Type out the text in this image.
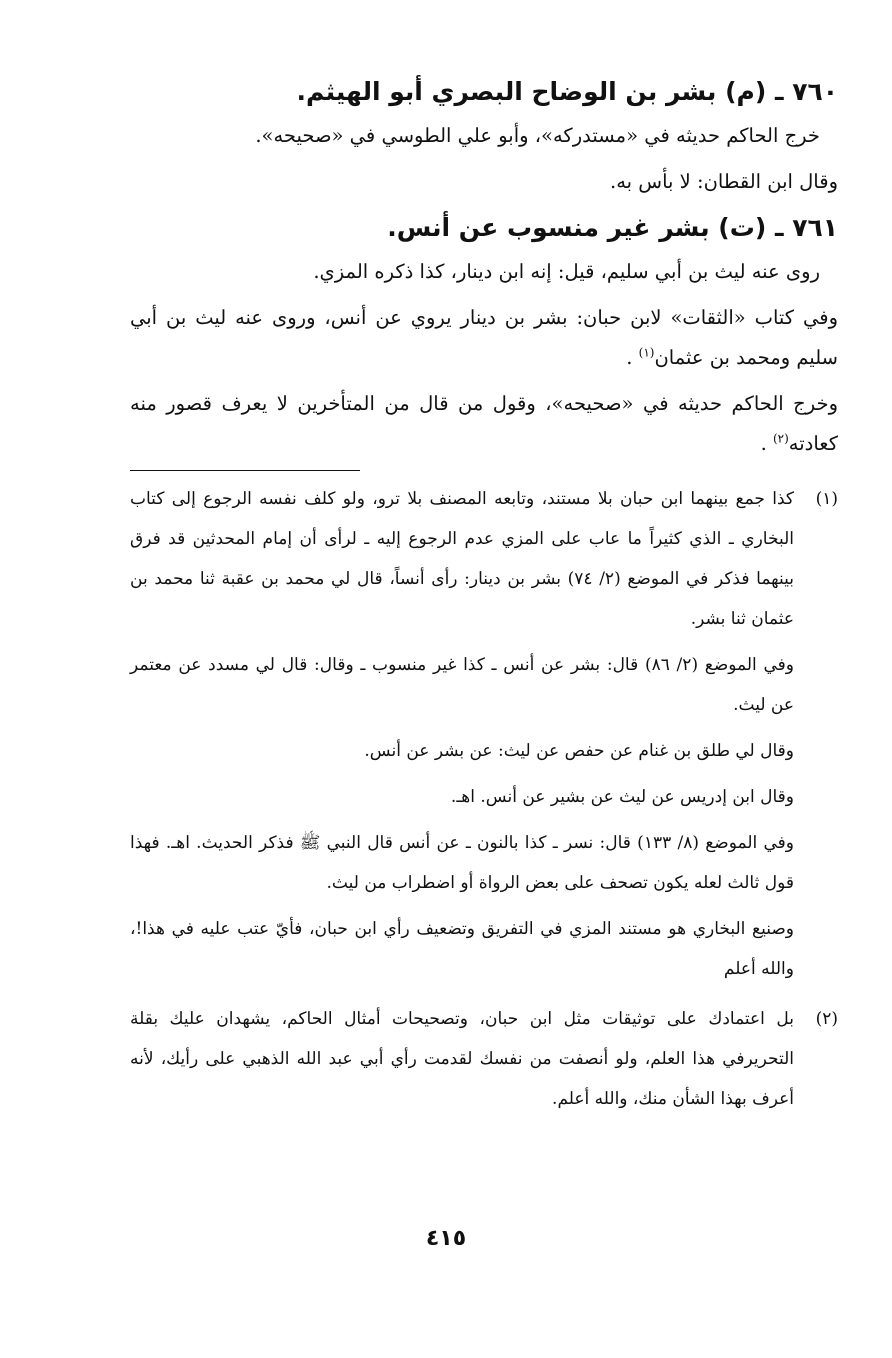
٧٦٠ ـ (م) بشر بن الوضاح البصري أبو الهيثم.

خرج الحاكم حديثه في «مستدركه»، وأبو علي الطوسي في «صحيحه».

وقال ابن القطان: لا بأس به.

٧٦١ ـ (ت) بشر غير منسوب عن أنس.

روى عنه ليث بن أبي سليم، قيل: إنه ابن دينار، كذا ذكره المزي.

وفي كتاب «الثقات» لابن حبان: بشر بن دينار يروي عن أنس، وروى عنه ليث بن أبي سليم ومحمد بن عثمان$^{(١)}$ .

وخرج الحاكم حديثه في «صحيحه»، وقول من قال من المتأخرين لا يعرف قصور منه كعادته$^{(٢)}$ .

(١)

كذا جمع بينهما ابن حبان بلا مستند، وتابعه المصنف بلا ترو، ولو كلف نفسه الرجوع إلى كتاب البخاري ـ الذي كثيراً ما عاب على المزي عدم الرجوع إليه ـ لرأى أن إمام المحدثين قد فرق بينهما فذكر في الموضع (٢/ ٧٤) بشر بن دينار: رأى أنساً، قال لي محمد بن عقبة ثنا محمد بن عثمان ثنا بشر.

وفي الموضع (٢/ ٨٦) قال: بشر عن أنس ـ كذا غير منسوب ـ وقال: قال لي مسدد عن معتمر عن ليث.

وقال لي طلق بن غنام عن حفص عن ليث: عن بشر عن أنس.

وقال ابن إدريس عن ليث عن بشير عن أنس. اهـ.

وفي الموضع (٨/ ١٣٣) قال: نسر ـ كذا بالنون ـ عن أنس قال النبي ﷺ فذكر الحديث. اهـ. فهذا قول ثالث لعله يكون تصحف على بعض الرواة أو اضطراب من ليث.

وصنيع البخاري هو مستند المزي في التفريق وتضعيف رأي ابن حبان، فأيّ عتب عليه في هذا!، والله أعلم

(٢)

بل اعتمادك على توثيقات مثل ابن حبان، وتصحيحات أمثال الحاكم، يشهدان عليك بقلة التحريرفي هذا العلم، ولو أنصفت من نفسك لقدمت رأي أبي عبد الله الذهبي على رأيك، لأنه أعرف بهذا الشأن منك، والله أعلم.

٤١٥
